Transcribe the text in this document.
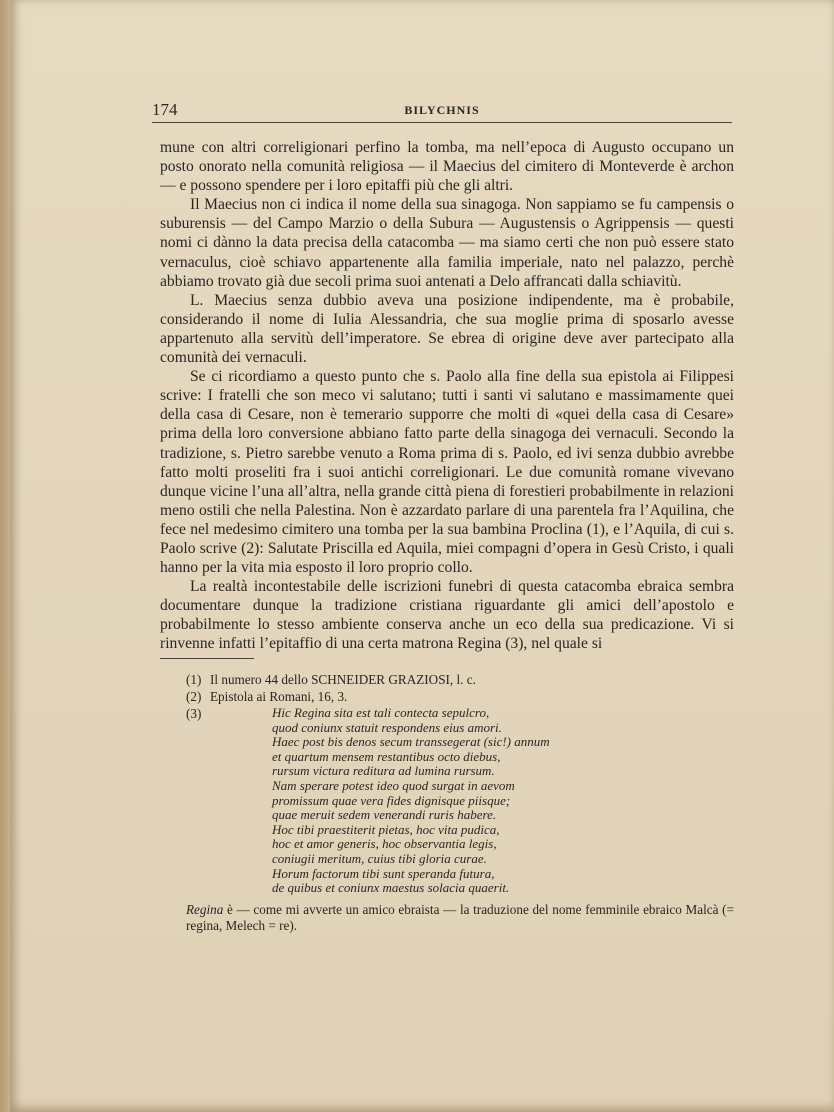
174	BILYCHNIS

mune con altri correligionari perfino la tomba, ma nell’epoca di Augusto occupano un posto onorato nella comunità religiosa — il Maecius del cimitero di Monteverde è archon — e possono spendere per i loro epitaffi più che gli altri.

Il Maecius non ci indica il nome della sua sinagoga. Non sappiamo se fu campensis o suburensis — del Campo Marzio o della Subura — Augustensis o Agrippensis — questi nomi ci dànno la data precisa della catacomba — ma siamo certi che non può essere stato vernaculus, cioè schiavo appartenente alla familia imperiale, nato nel palazzo, perchè abbiamo trovato già due secoli prima suoi antenati a Delo affrancati dalla schiavitù.

L. Maecius senza dubbio aveva una posizione indipendente, ma è probabile, considerando il nome di Iulia Alessandria, che sua moglie prima di sposarlo avesse appartenuto alla servitù dell’imperatore. Se ebrea di origine deve aver partecipato alla comunità dei vernaculi.

Se ci ricordiamo a questo punto che s. Paolo alla fine della sua epistola ai Filippesi scrive: I fratelli che son meco vi salutano; tutti i santi vi salutano e massimamente quei della casa di Cesare, non è temerario supporre che molti di «quei della casa di Cesare» prima della loro conversione abbiano fatto parte della sinagoga dei vernaculi. Secondo la tradizione, s. Pietro sarebbe venuto a Roma prima di s. Paolo, ed ivi senza dubbio avrebbe fatto molti proseliti fra i suoi antichi correligionari. Le due comunità romane vivevano dunque vicine l’una all’altra, nella grande città piena di forestieri probabilmente in relazioni meno ostili che nella Palestina. Non è azzardato parlare di una parentela fra l’Aquilina, che fece nel medesimo cimitero una tomba per la sua bambina Proclina (1), e l’Aquila, di cui s. Paolo scrive (2): Salutate Priscilla ed Aquila, miei compagni d’opera in Gesù Cristo, i quali hanno per la vita mia esposto il loro proprio collo.

La realtà incontestabile delle iscrizioni funebri di questa catacomba ebraica sembra documentare dunque la tradizione cristiana riguardante gli amici dell’apostolo e probabilmente lo stesso ambiente conserva anche un eco della sua predicazione. Vi si rinvenne infatti l’epitaffio di una certa matrona Regina (3), nel quale si

(1) Il numero 44 dello SCHNEIDER GRAZIOSI, l. c.

(2) Epistola ai Romani, 16, 3.

(3)	Hic Regina sita est tali contecta sepulcro,
quod coniunx statuit respondens eius amori.
Haec post bis denos secum transsegerat (sic!) annum
et quartum mensem restantibus octo diebus,
rursum victura reditura ad lumina rursum.
Nam sperare potest ideo quod surgat in aevom
promissum quae vera fides dignisque piisque;
quae meruit sedem venerandi ruris habere.
Hoc tibi praestiterit pietas, hoc vita pudica,
hoc et amor generis, hoc observantia legis,
coniugii meritum, cuius tibi gloria curae.
Horum factorum tibi sunt speranda futura,
de quibus et coniunx maestus solacia quaerit.

Regina è — come mi avverte un amico ebraista — la traduzione del nome femminile ebraico Malcà (= regina, Melech = re).
